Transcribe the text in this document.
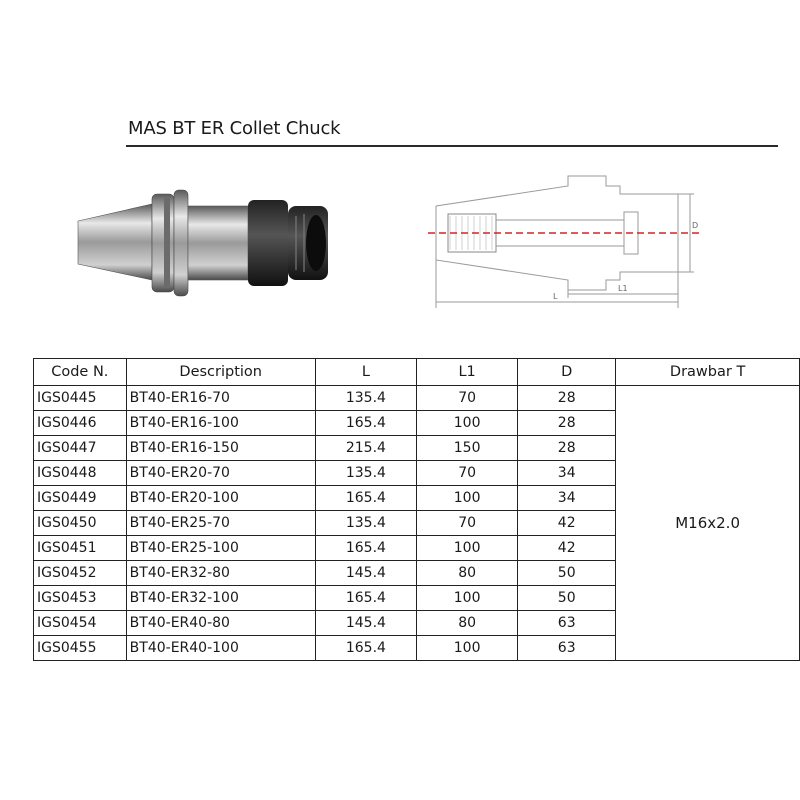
MAS BT ER Collet Chuck
D
L
L1
Code N.	Description	L	L1	D	Drawbar T
IGS0445	BT40-ER16-70	135.4	70	28	M16x2.0
IGS0446	BT40-ER16-100	165.4	100	28	
IGS0447	BT40-ER16-150	215.4	150	28	
IGS0448	BT40-ER20-70	135.4	70	34	
IGS0449	BT40-ER20-100	165.4	100	34	
IGS0450	BT40-ER25-70	135.4	70	42	
IGS0451	BT40-ER25-100	165.4	100	42	
IGS0452	BT40-ER32-80	145.4	80	50	
IGS0453	BT40-ER32-100	165.4	100	50	
IGS0454	BT40-ER40-80	145.4	80	63	
IGS0455	BT40-ER40-100	165.4	100	63	
